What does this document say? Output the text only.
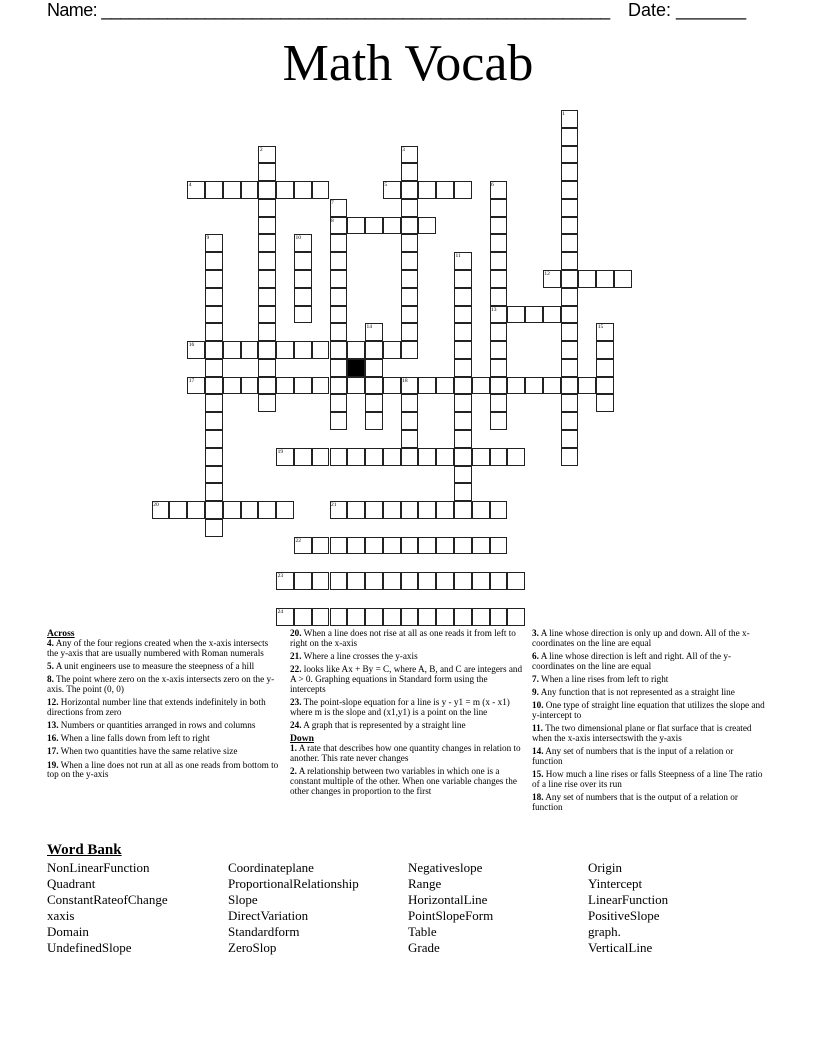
Name: ______________________________________________________ Date: _______
Math Vocab
1
2	3
4	5	6
7
8
9	10
11
12
13
14	15
16
17	18
19
20	21
22
23
24
Across
4. Any of the four regions created when the x-axis intersects the y-axis that are usually numbered with Roman numerals
5. A unit engineers use to measure the steepness of a hill
8. The point where zero on the x-axis intersects zero on the y-axis. The point (0, 0)
12. Horizontal number line that extends indefinitely in both directions from zero
13. Numbers or quantities arranged in rows and columns
16. When a line falls down from left to right
17. When two quantities have the same relative size
19. When a line does not run at all as one reads from bottom to top on the y-axis
20. When a line does not rise at all as one reads it from left to right on the x-axis
21. Where a line crosses the y-axis
22. looks like Ax + By = C, where A, B, and C are integers and A > 0. Graphing equations in Standard form using the intercepts
23. The point-slope equation for a line is y - y1 = m (x - x1) where m is the slope and (x1,y1) is a point on the line
24. A graph that is represented by a straight line
Down
1. A rate that describes how one quantity changes in relation to another. This rate never changes
2. A relationship between two variables in which one is a constant multiple of the other. When one variable changes the other changes in proportion to the first
3. A line whose direction is only up and down. All of the x-coordinates on the line are equal
6. A line whose direction is left and right. All of the y-coordinates on the line are equal
7. When a line rises from left to right
9. Any function that is not represented as a straight line
10. One type of straight line equation that utilizes the slope and y-intercept to
11. The two dimensional plane or flat surface that is created when the x-axis intersectswith the y-axis
14. Any set of numbers that is the input of a relation or function
15. How much a line rises or falls Steepness of a line The ratio of a line rise over its run
18. Any set of numbers that is the output of a relation or function
Word Bank
NonLinearFunction
Quadrant
ConstantRateofChange
xaxis
Domain
UndefinedSlope
Coordinateplane
ProportionalRelationship
Slope
DirectVariation
Standardform
ZeroSlop
Negativeslope
Range
HorizontalLine
PointSlopeForm
Table
Grade
Origin
Yintercept
LinearFunction
PositiveSlope
graph.
VerticalLine
